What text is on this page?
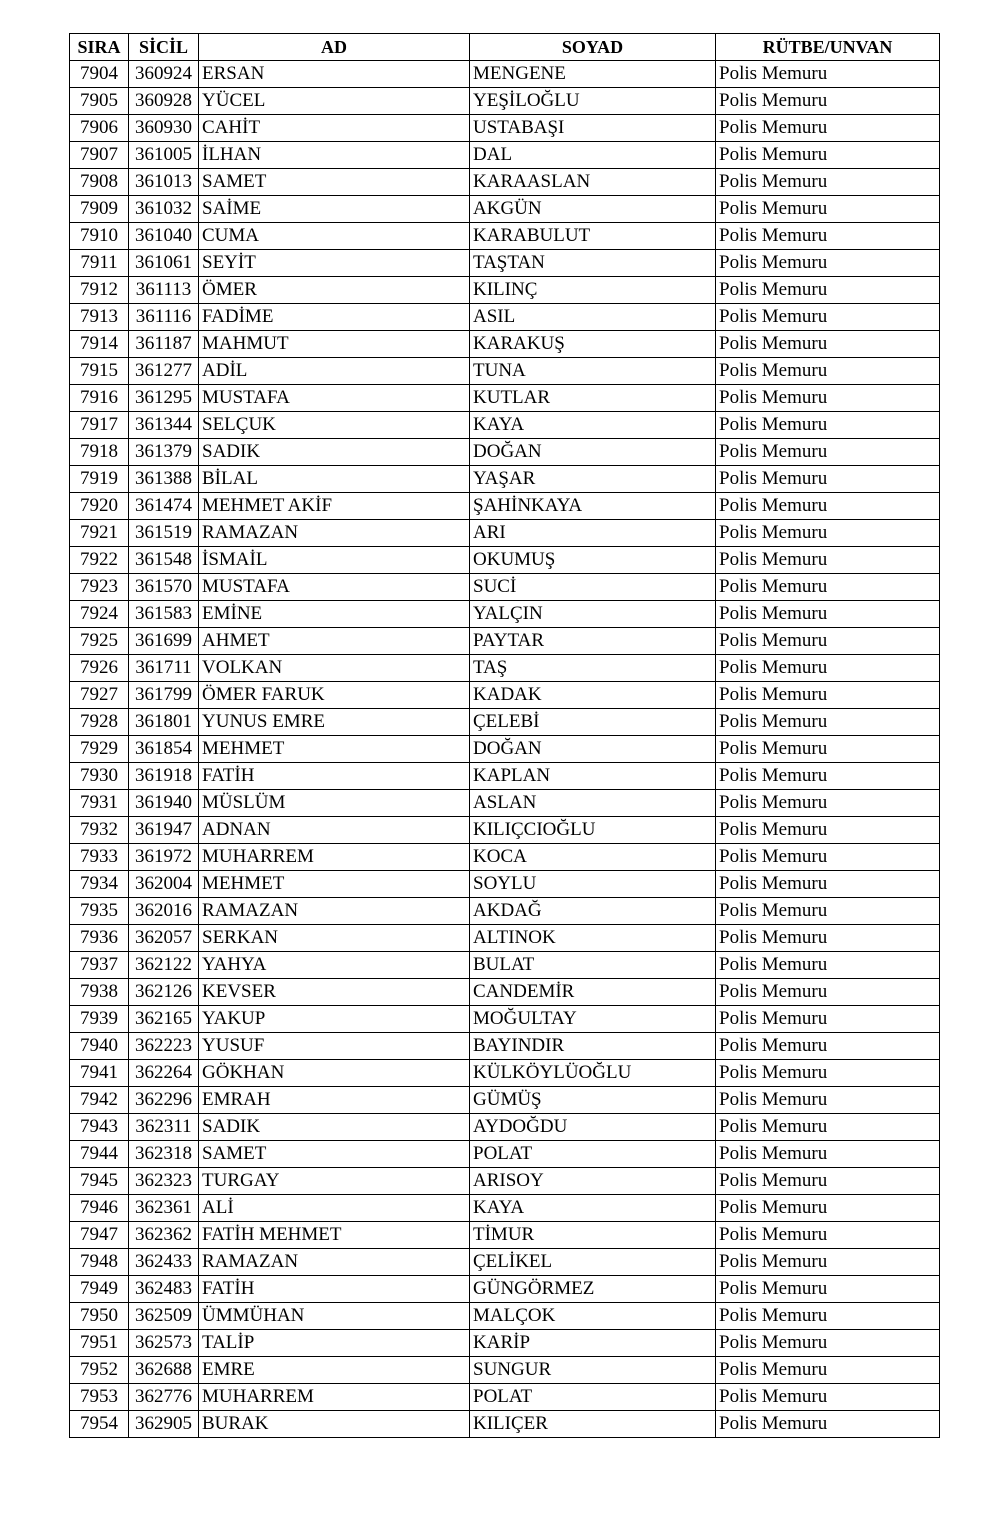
SIRA	SİCİL	AD	SOYAD	RÜTBE/UNVAN
7904	360924	ERSAN	MENGENE	Polis Memuru
7905	360928	YÜCEL	YEŞİLOĞLU	Polis Memuru
7906	360930	CAHİT	USTABAŞI	Polis Memuru
7907	361005	İLHAN	DAL	Polis Memuru
7908	361013	SAMET	KARAASLAN	Polis Memuru
7909	361032	SAİME	AKGÜN	Polis Memuru
7910	361040	CUMA	KARABULUT	Polis Memuru
7911	361061	SEYİT	TAŞTAN	Polis Memuru
7912	361113	ÖMER	KILINÇ	Polis Memuru
7913	361116	FADİME	ASIL	Polis Memuru
7914	361187	MAHMUT	KARAKUŞ	Polis Memuru
7915	361277	ADİL	TUNA	Polis Memuru
7916	361295	MUSTAFA	KUTLAR	Polis Memuru
7917	361344	SELÇUK	KAYA	Polis Memuru
7918	361379	SADIK	DOĞAN	Polis Memuru
7919	361388	BİLAL	YAŞAR	Polis Memuru
7920	361474	MEHMET AKİF	ŞAHİNKAYA	Polis Memuru
7921	361519	RAMAZAN	ARI	Polis Memuru
7922	361548	İSMAİL	OKUMUŞ	Polis Memuru
7923	361570	MUSTAFA	SUCİ	Polis Memuru
7924	361583	EMİNE	YALÇIN	Polis Memuru
7925	361699	AHMET	PAYTAR	Polis Memuru
7926	361711	VOLKAN	TAŞ	Polis Memuru
7927	361799	ÖMER FARUK	KADAK	Polis Memuru
7928	361801	YUNUS EMRE	ÇELEBİ	Polis Memuru
7929	361854	MEHMET	DOĞAN	Polis Memuru
7930	361918	FATİH	KAPLAN	Polis Memuru
7931	361940	MÜSLÜM	ASLAN	Polis Memuru
7932	361947	ADNAN	KILIÇCIOĞLU	Polis Memuru
7933	361972	MUHARREM	KOCA	Polis Memuru
7934	362004	MEHMET	SOYLU	Polis Memuru
7935	362016	RAMAZAN	AKDAĞ	Polis Memuru
7936	362057	SERKAN	ALTINOK	Polis Memuru
7937	362122	YAHYA	BULAT	Polis Memuru
7938	362126	KEVSER	CANDEMİR	Polis Memuru
7939	362165	YAKUP	MOĞULTAY	Polis Memuru
7940	362223	YUSUF	BAYINDIR	Polis Memuru
7941	362264	GÖKHAN	KÜLKÖYLÜOĞLU	Polis Memuru
7942	362296	EMRAH	GÜMÜŞ	Polis Memuru
7943	362311	SADIK	AYDOĞDU	Polis Memuru
7944	362318	SAMET	POLAT	Polis Memuru
7945	362323	TURGAY	ARISOY	Polis Memuru
7946	362361	ALİ	KAYA	Polis Memuru
7947	362362	FATİH MEHMET	TİMUR	Polis Memuru
7948	362433	RAMAZAN	ÇELİKEL	Polis Memuru
7949	362483	FATİH	GÜNGÖRMEZ	Polis Memuru
7950	362509	ÜMMÜHAN	MALÇOK	Polis Memuru
7951	362573	TALİP	KARİP	Polis Memuru
7952	362688	EMRE	SUNGUR	Polis Memuru
7953	362776	MUHARREM	POLAT	Polis Memuru
7954	362905	BURAK	KILIÇER	Polis Memuru
